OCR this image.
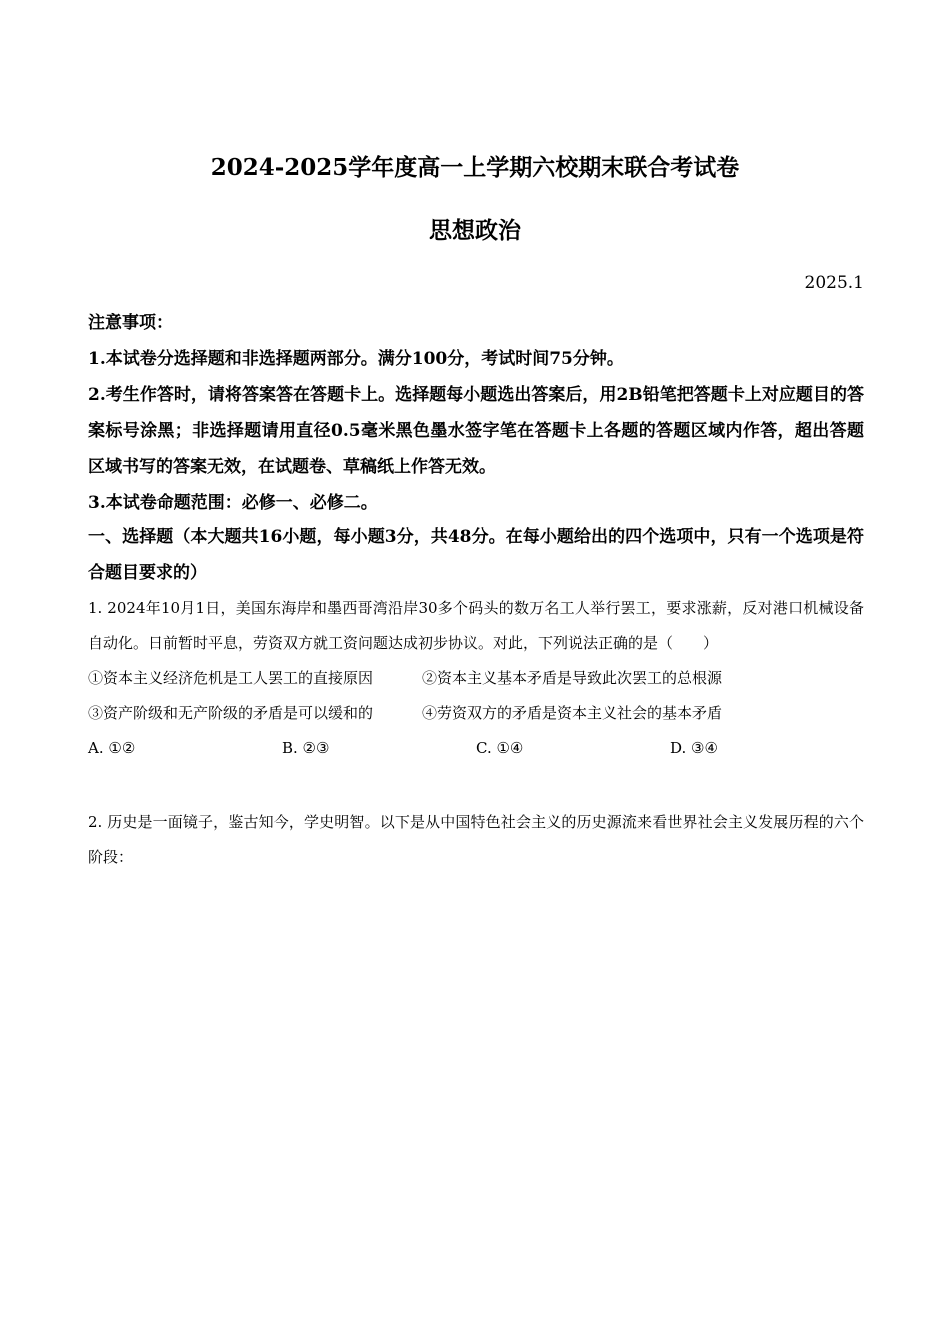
2024-2025学年度高一上学期六校期末联合考试卷
思想政治
2025.1

注意事项：

1.本试卷分选择题和非选择题两部分。满分100分，考试时间75分钟。

2.考生作答时，请将答案答在答题卡上。选择题每小题选出答案后，用2B铅笔把答题卡上对应题目的答案标号涂黑；非选择题请用直径0.5毫米黑色墨水签字笔在答题卡上各题的答题区域内作答，超出答题区域书写的答案无效，在试题卷、草稿纸上作答无效。

3.本试卷命题范围：必修一、必修二。

一、选择题（本大题共16小题，每小题3分，共48分。在每小题给出的四个选项中，只有一个选项是符合题目要求的）

1. 2024年10月1日，美国东海岸和墨西哥湾沿岸30多个码头的数万名工人举行罢工，要求涨薪，反对港口机械设备自动化。日前暂时平息，劳资双方就工资问题达成初步协议。对此，下列说法正确的是（　　）

①资本主义经济危机是工人罢工的直接原因	②资本主义基本矛盾是导致此次罢工的总根源
③资产阶级和无产阶级的矛盾是可以缓和的	④劳资双方的矛盾是资本主义社会的基本矛盾
A. ①②	B. ②③	C. ①④	D. ③④

2. 历史是一面镜子，鉴古知今，学史明智。以下是从中国特色社会主义的历史源流来看世界社会主义发展历程的六个阶段：
